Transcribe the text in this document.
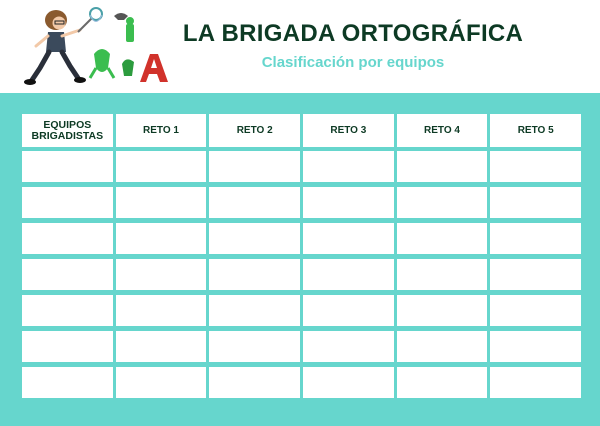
LA BRIGADA ORTOGRÁFICA
Clasificación por equipos
EQUIPOS BRIGADISTAS	RETO 1	RETO 2	RETO 3	RETO 4	RETO 5
